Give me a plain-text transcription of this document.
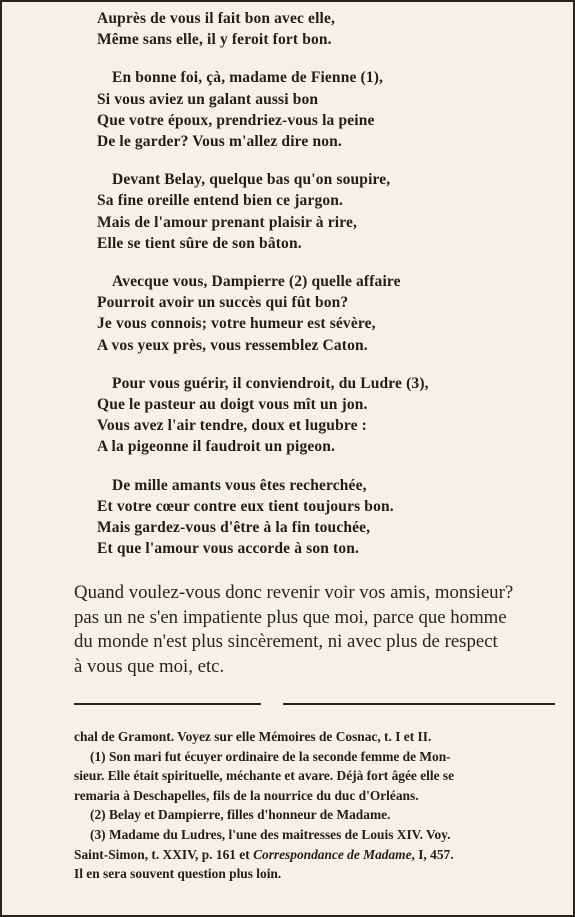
Auprès de vous il fait bon avec elle,
Même sans elle, il y feroit fort bon.
En bonne foi, çà, madame de Fienne (1),
Si vous aviez un galant aussi bon
Que votre époux, prendriez-vous la peine
De le garder? Vous m'allez dire non.
Devant Belay, quelque bas qu'on soupire,
Sa fine oreille entend bien ce jargon.
Mais de l'amour prenant plaisir à rire,
Elle se tient sûre de son bâton.
Avecque vous, Dampierre (2) quelle affaire
Pourroit avoir un succès qui fût bon?
Je vous connois; votre humeur est sévère,
A vos yeux près, vous ressemblez Caton.
Pour vous guérir, il conviendroit, du Ludre (3),
Que le pasteur au doigt vous mît un jon.
Vous avez l'air tendre, doux et lugubre :
A la pigeonne il faudroit un pigeon.
De mille amants vous êtes recherchée,
Et votre cœur contre eux tient toujours bon.
Mais gardez-vous d'être à la fin touchée,
Et que l'amour vous accorde à son ton.
Quand voulez-vous donc revenir voir vos amis, monsieur?
pas un ne s'en impatiente plus que moi, parce que homme
du monde n'est plus sincèrement, ni avec plus de respect
à vous que moi, etc.
chal de Gramont. Voyez sur elle Mémoires de Cosnac, t. I et II.
(1) Son mari fut écuyer ordinaire de la seconde femme de Mon-
sieur. Elle était spirituelle, méchante et avare. Déjà fort âgée elle se
remaria à Deschapelles, fils de la nourrice du duc d'Orléans.
(2) Belay et Dampierre, filles d'honneur de Madame.
(3) Madame du Ludres, l'une des maitresses de Louis XIV. Voy.
Saint-Simon, t. XXIV, p. 161 et Correspondance de Madame, I, 457.
Il en sera souvent question plus loin.
